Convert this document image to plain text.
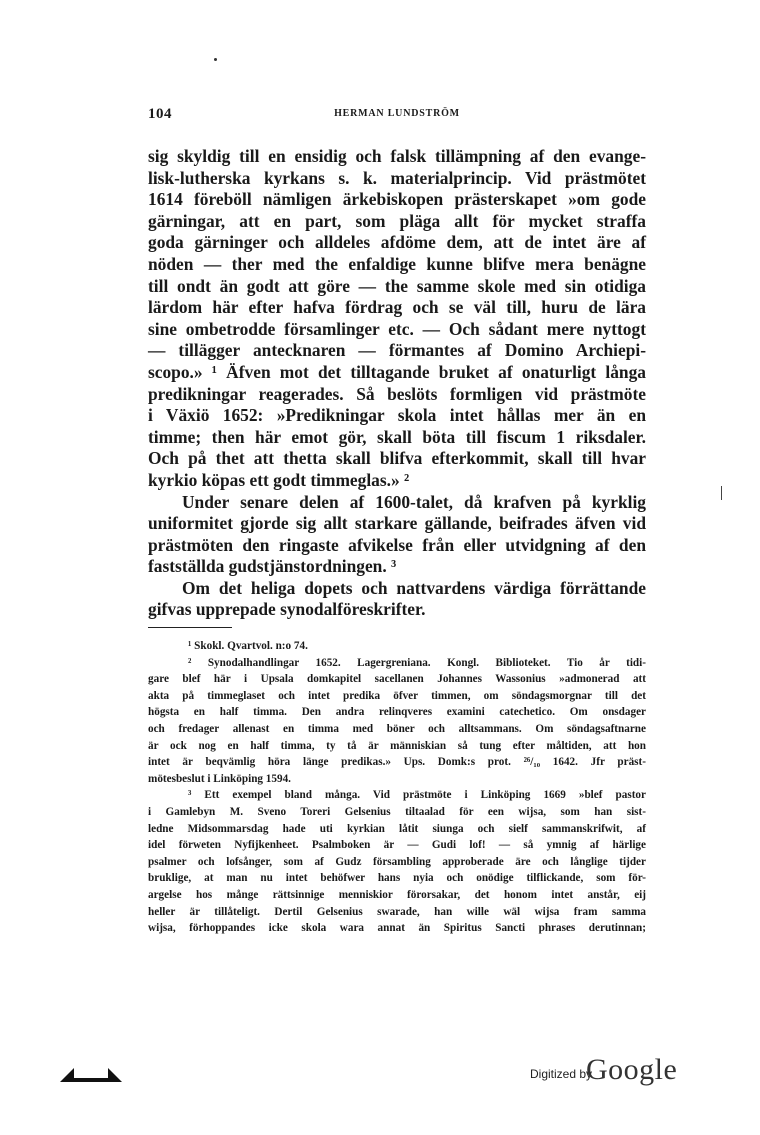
104	HERMAN LUNDSTRÖM
sig skyldig till en ensidig och falsk tillämpning af den evange-
lisk-lutherska kyrkans s. k. materialprincip. Vid prästmötet
1614 föreböll nämligen ärkebiskopen prästerskapet »om gode
gärningar, att en part, som pläga allt för mycket straffa
goda gärninger och alldeles afdöme dem, att de intet äre af
nöden — ther med the enfaldige kunne blifve mera benägne
till ondt än godt att göre — the samme skole med sin otidiga
lärdom här efter hafva fördrag och se väl till, huru de lära
sine ombetrodde församlinger etc. — Och sådant mere nyttogt
— tillägger antecknaren — förmantes af Domino Archiepi-
scopo.» ¹ Äfven mot det tilltagande bruket af onaturligt långa
predikningar reagerades. Så beslöts formligen vid prästmöte
i Växiö 1652: »Predikningar skola intet hållas mer än en
timme; then här emot gör, skall böta till fiscum 1 riksdaler.
Och på thet att thetta skall blifva efterkommit, skall till hvar
kyrkio köpas ett godt timmeglas.» ²
Under senare delen af 1600-talet, då krafven på kyrklig
uniformitet gjorde sig allt starkare gällande, beifrades äfven vid
prästmöten den ringaste afvikelse från eller utvidgning af den
fastställda gudstjänstordningen. ³
Om det heliga dopets och nattvardens värdiga förrättande
gifvas upprepade synodalföreskrifter.
¹ Skokl. Qvartvol. n:o 74.
² Synodalhandlingar 1652. Lagergreniana. Kongl. Biblioteket. Tio år tidi-
gare blef här i Upsala domkapitel sacellanen Johannes Wassonius »admonerad att
akta på timmeglaset och intet predika öfver timmen, om söndagsmorgnar till det
högsta en half timma. Den andra relinqveres examini catechetico. Om onsdager
och fredager allenast en timma med böner och alltsammans. Om söndagsaftnarne
är ock nog en half timma, ty tå är människian så tung efter måltiden, att hon
intet är beqvämlig höra länge predikas.» Ups. Domk:s prot. ²⁶/₁₀ 1642. Jfr präst-
mötesbeslut i Linköping 1594.
³ Ett exempel bland många. Vid prästmöte i Linköping 1669 »blef pastor
i Gamlebyn M. Sveno Toreri Gelsenius tiltaalad för een wijsa, som han sist-
ledne Midsommarsdag hade uti kyrkian låtit siunga och sielf sammanskrifwit, af
idel förweten Nyfijkenheet. Psalmboken är — Gudi lof! — så ymnig af härlige
psalmer och lofsånger, som af Gudz försambling approberade äre och långlige tijder
bruklige, at man nu intet behöfwer hans nyia och onödige tilflickande, som för-
argelse hos månge rättsinnige menniskior förorsakar, det honom intet anstår, eij
heller är tillåteligt. Dertil Gelsenius swarade, han wille wäl wijsa fram samma
wijsa, förhoppandes icke skola wara annat än Spiritus Sancti phrases derutinnan;
Digitized by
Google
